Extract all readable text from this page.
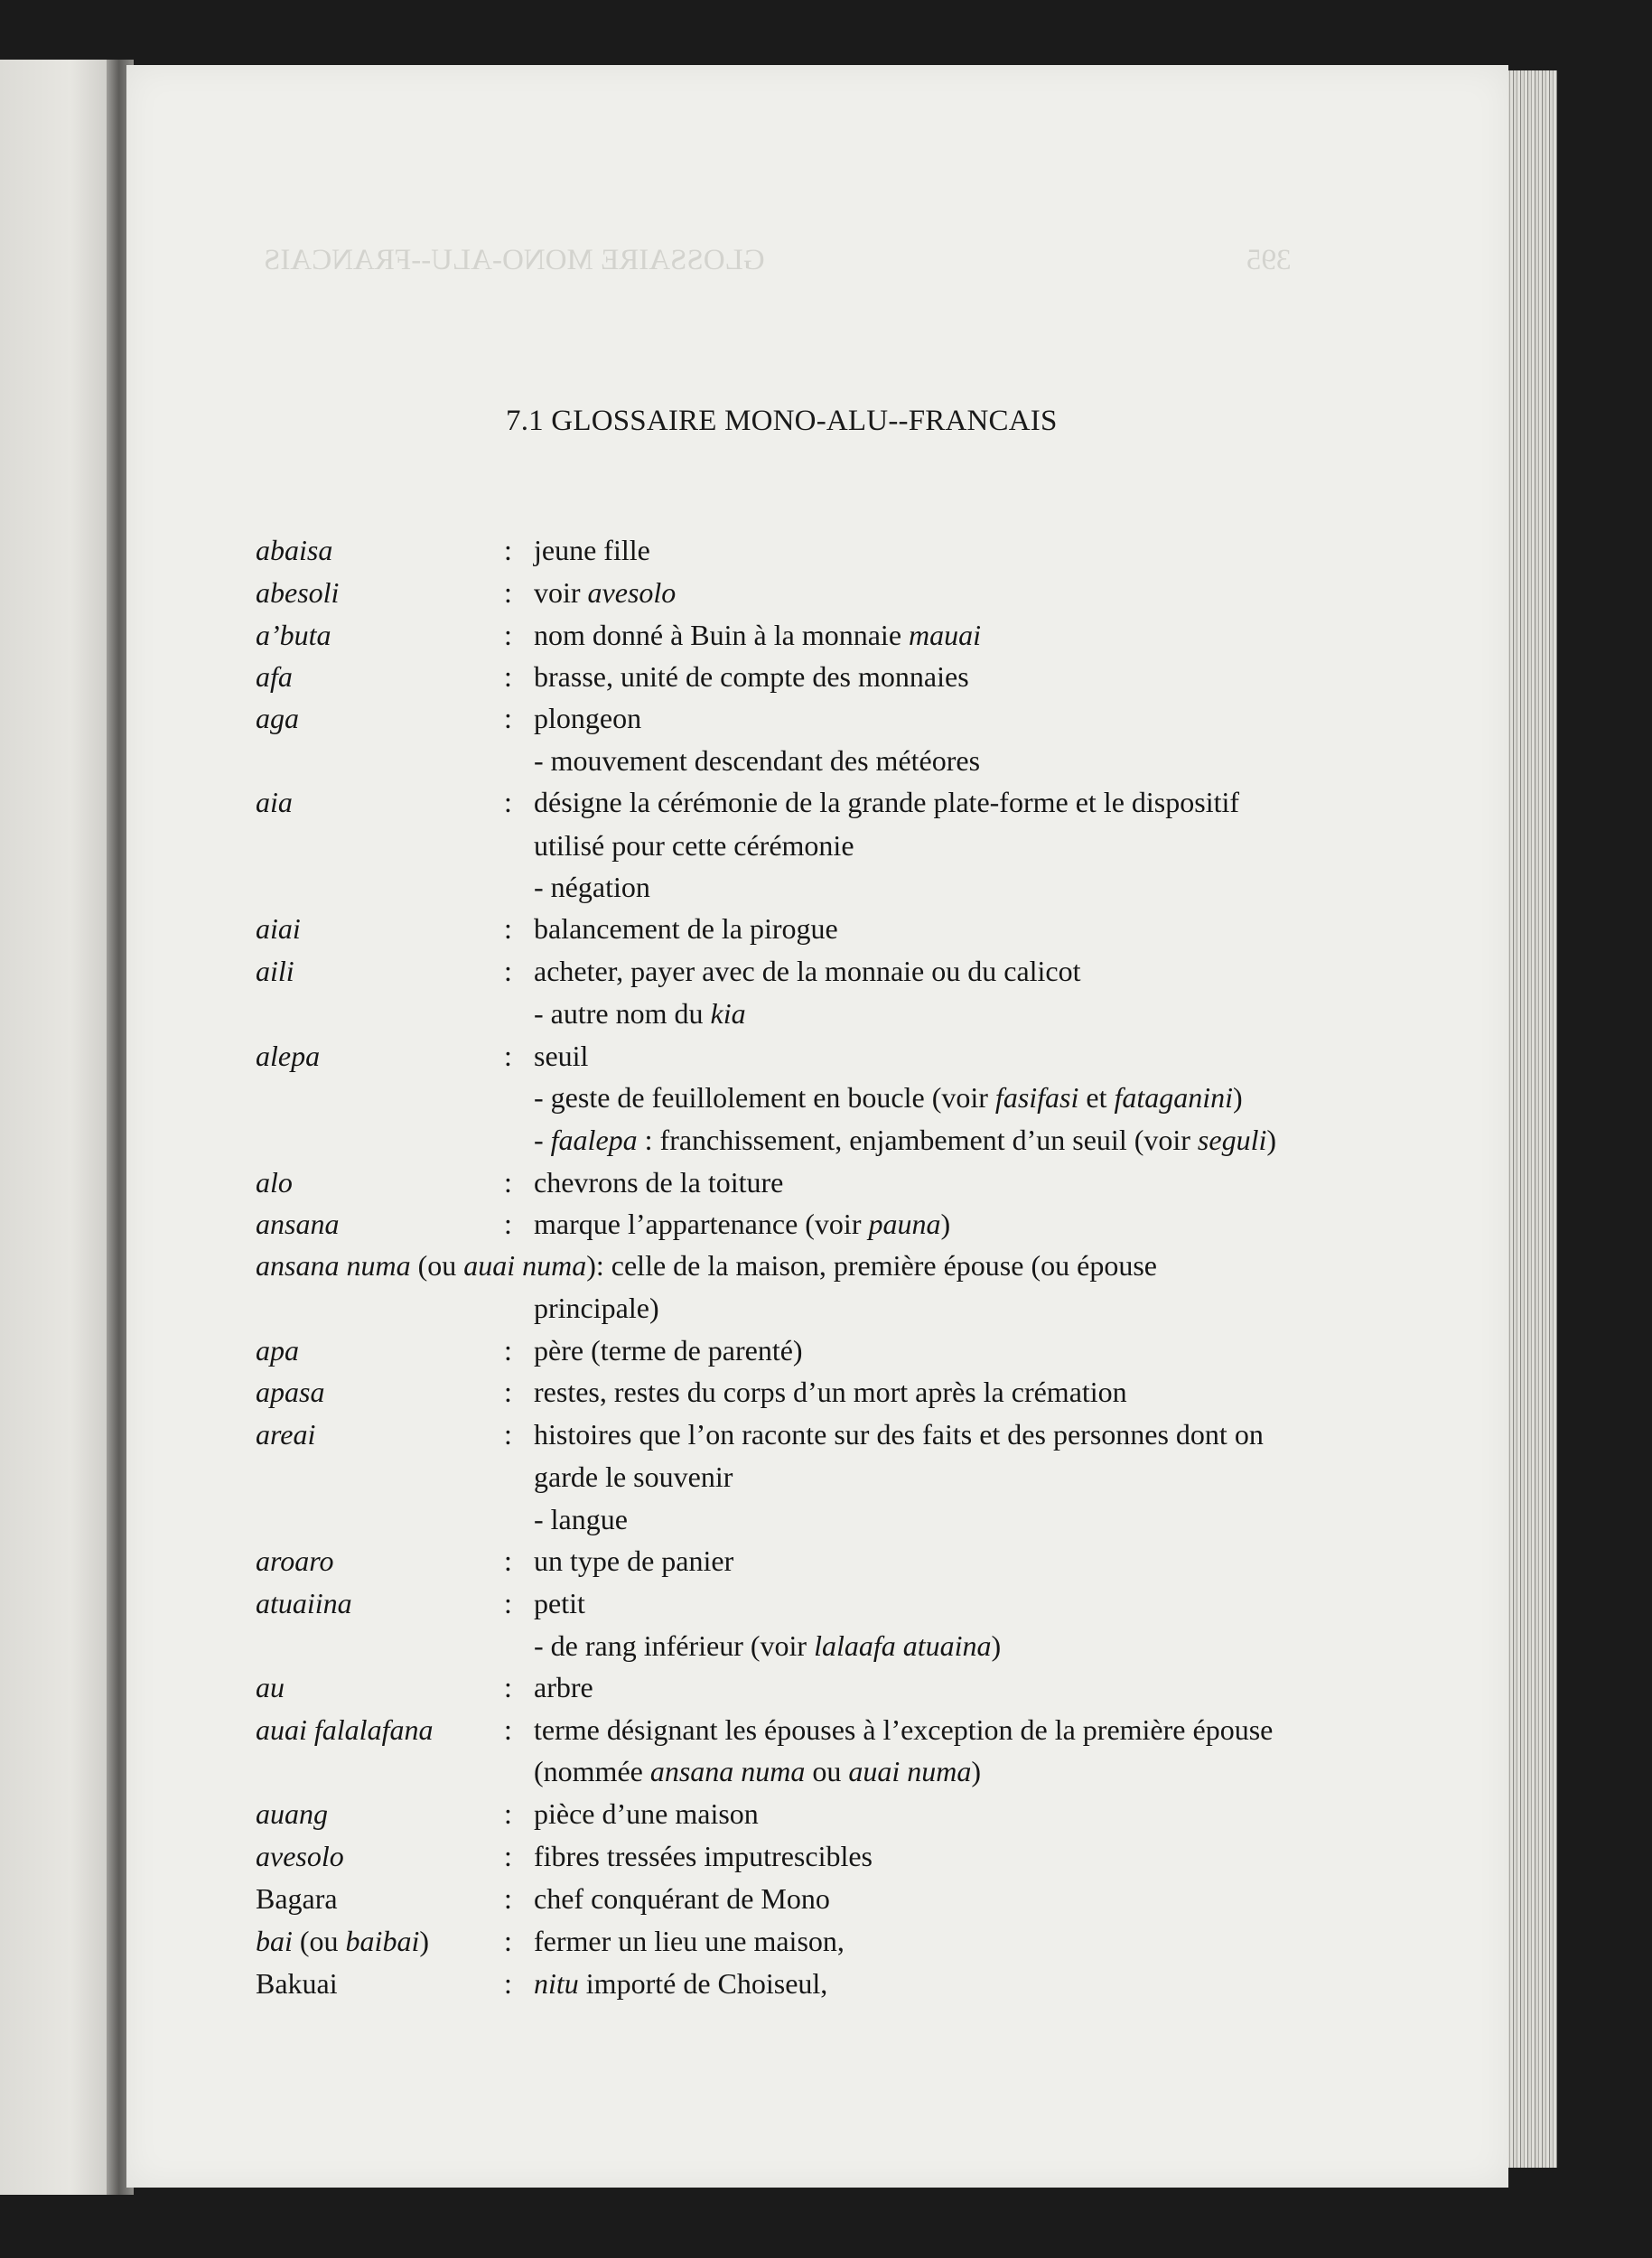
GLOSSAIRE MONO-ALU--FRANCAIS	395
7.1 GLOSSAIRE MONO-ALU--FRANCAIS
abaisa	: jeune fille
abesoli	: voir avesolo
a’buta	: nom donné à Buin à la monnaie mauai
afa	: brasse, unité de compte des monnaies
aga	: plongeon
- mouvement descendant des météores
aia	: désigne la cérémonie de la grande plate-forme et le dispositif
utilisé pour cette cérémonie
- négation
aiai	: balancement de la pirogue
aili	: acheter, payer avec de la monnaie ou du calicot
- autre nom du kia
alepa	: seuil
- geste de feuillolement en boucle (voir fasifasi et fataganini)
- faalepa : franchissement, enjambement d’un seuil (voir seguli)
alo	: chevrons de la toiture
ansana	: marque l’appartenance (voir pauna)
ansana numa (ou auai numa): celle de la maison, première épouse (ou épouse
principale)
apa	: père (terme de parenté)
apasa	: restes, restes du corps d’un mort après la crémation
areai	: histoires que l’on raconte sur des faits et des personnes dont on
garde le souvenir
- langue
aroaro	: un type de panier
atuaiina	: petit
- de rang inférieur (voir lalaafa atuaina)
au	: arbre
auai falalafana : terme désignant les épouses à l’exception de la première épouse
(nommée ansana numa ou auai numa)
auang	: pièce d’une maison
avesolo	: fibres tressées imputrescibles
Bagara	: chef conquérant de Mono
bai (ou baibai)	: fermer un lieu une maison,
Bakuai	: nitu importé de Choiseul,
